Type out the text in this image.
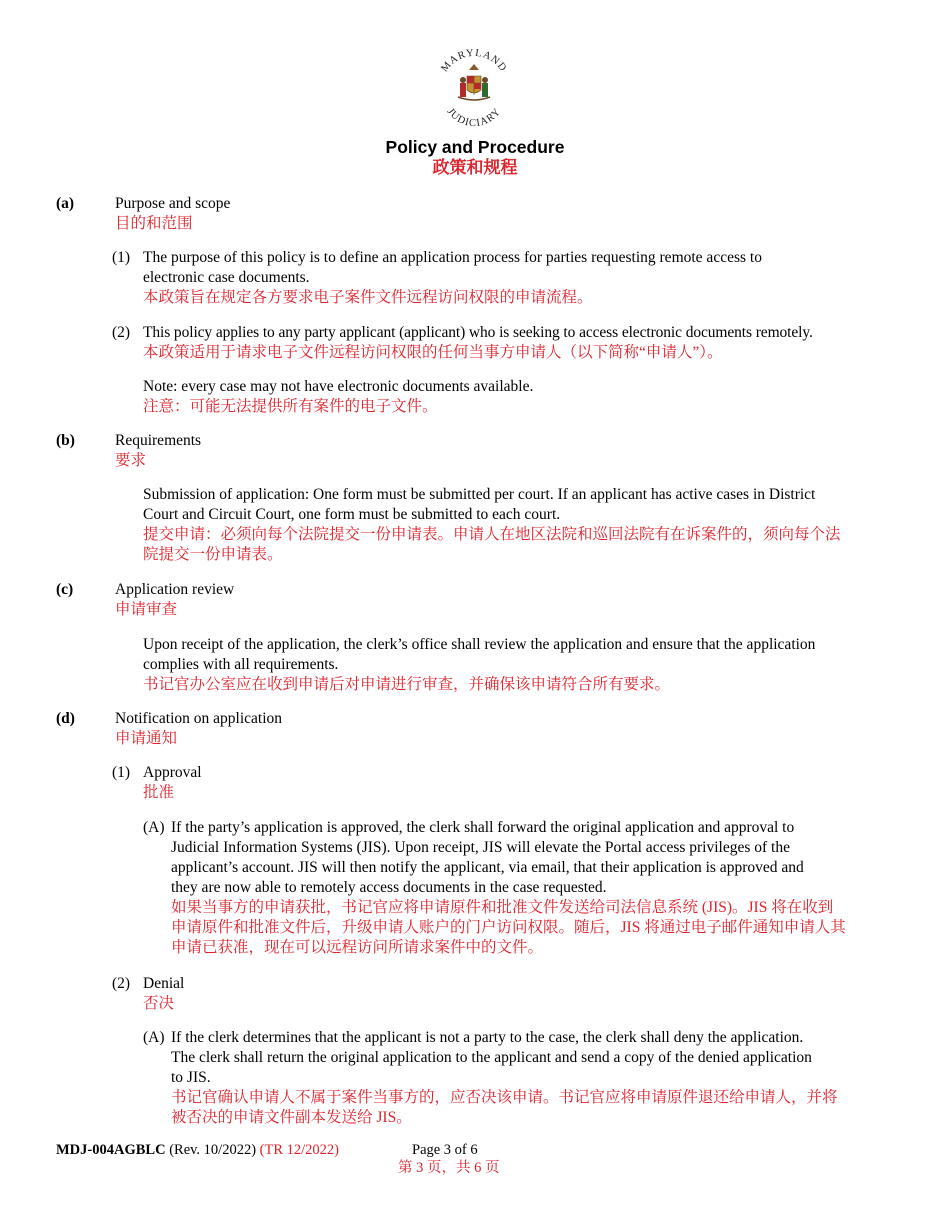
MARYLAND
JUDICIARY
Policy and Procedure
政策和规程
(a)	Purpose and scope
目的和范围
(1) The purpose of this policy is to define an application process for parties requesting remote access to
electronic case documents.
本政策旨在规定各方要求电子案件文件远程访问权限的申请流程。
(2) This policy applies to any party applicant (applicant) who is seeking to access electronic documents remotely.
本政策适用于请求电子文件远程访问权限的任何当事方申请人（以下简称“申请人”）。
Note: every case may not have electronic documents available.
注意：可能无法提供所有案件的电子文件。
(b)	Requirements
要求
Submission of application: One form must be submitted per court. If an applicant has active cases in District
Court and Circuit Court, one form must be submitted to each court.
提交申请：必须向每个法院提交一份申请表。申请人在地区法院和巡回法院有在诉案件的，须向每个法
院提交一份申请表。
(c)	Application review
申请审查
Upon receipt of the application, the clerk’s office shall review the application and ensure that the application
complies with all requirements.
书记官办公室应在收到申请后对申请进行审查，并确保该申请符合所有要求。
(d)	Notification on application
申请通知
(1) Approval
批准
(A) If the party’s application is approved, the clerk shall forward the original application and approval to
Judicial Information Systems (JIS). Upon receipt, JIS will elevate the Portal access privileges of the
applicant’s account. JIS will then notify the applicant, via email, that their application is approved and
they are now able to remotely access documents in the case requested.
如果当事方的申请获批，书记官应将申请原件和批准文件发送给司法信息系统 (JIS)。JIS 将在收到
申请原件和批准文件后，升级申请人账户的门户访问权限。随后，JIS 将通过电子邮件通知申请人其
申请已获准，现在可以远程访问所请求案件中的文件。
(2) Denial
否决
(A) If the clerk determines that the applicant is not a party to the case, the clerk shall deny the application.
The clerk shall return the original application to the applicant and send a copy of the denied application
to JIS.
书记官确认申请人不属于案件当事方的，应否决该申请。书记官应将申请原件退还给申请人，并将
被否决的申请文件副本发送给 JIS。
MDJ-004AGBLC (Rev. 10/2022) (TR 12/2022)	Page 3 of 6
第 3 页，共 6 页
